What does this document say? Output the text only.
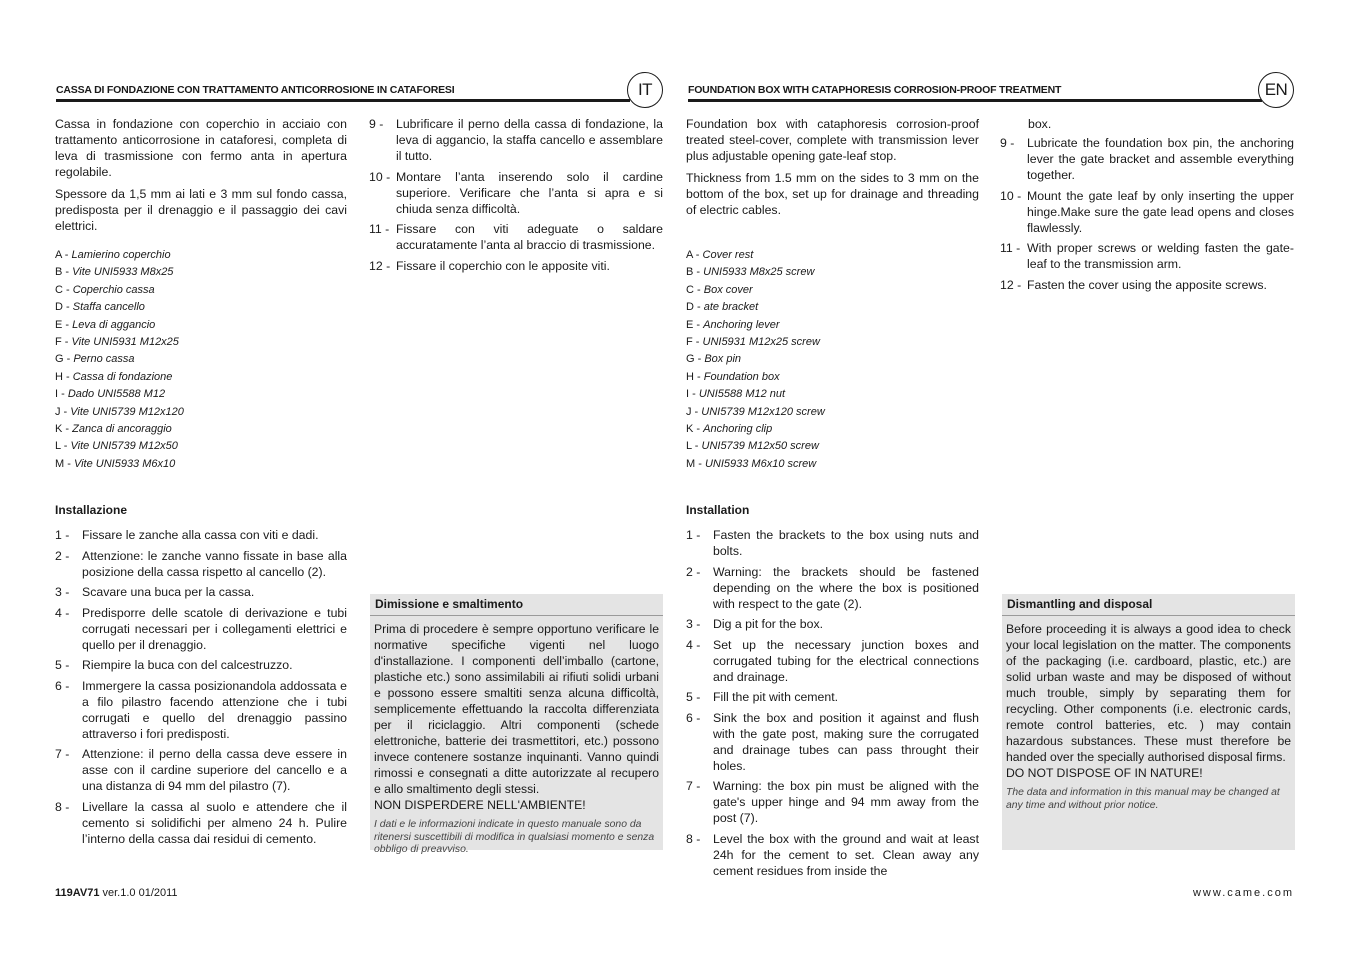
CASSA DI FONDAZIONE CON TRATTAMENTO ANTICORROSIONE IN CATAFORESI	IT

Cassa in fondazione con coperchio in acciaio con trattamento anticorrosione in cataforesi, completa di leva di trasmissione con fermo anta in apertura regolabile.

Spessore da 1,5 mm ai lati e 3 mm sul fondo cassa, predisposta per il drenaggio e il passaggio dei cavi elettrici.

A - Lamierino coperchio
B - Vite UNI5933 M8x25
C - Coperchio cassa
D - Staffa cancello
E - Leva di aggancio
F - Vite UNI5931 M12x25
G - Perno cassa
H - Cassa di fondazione
I - Dado UNI5588 M12
J - Vite UNI5739 M12x120
K - Zanca di ancoraggio
L - Vite UNI5739 M12x50
M - Vite UNI5933 M6x10
Installazione
1 -	Fissare le zanche alla cassa con viti e dadi.
2 -	Attenzione: le zanche vanno fissate in base alla posizione della cassa rispetto al cancello (2).
3 -	Scavare una buca per la cassa.
4 -	Predisporre delle scatole di derivazione e tubi corrugati necessari per i collegamenti elettrici e quello per il drenaggio.
5 -	Riempire la buca con del calcestruzzo.
6 -	Immergere la cassa posizionandola addossata e a filo pilastro facendo attenzione che i tubi corrugati e quello del drenaggio passino attraverso i fori predisposti.
7 -	Attenzione: il perno della cassa deve essere in asse con il cardine superiore del cancello e a una distanza di 94 mm del pilastro (7).
8 -	Livellare la cassa al suolo e attendere che il cemento si solidifichi per almeno 24 h. Pulire l’interno della cassa dai residui di cemento.
9 -	Lubrificare il perno della cassa di fondazione, la leva di aggancio, la staffa cancello e assemblare il tutto.
10 - Montare l’anta inserendo solo il cardine superiore. Verificare che l’anta si apra e si chiuda senza difficoltà.
11 - Fissare con viti adeguate o saldare accuratamente l’anta al braccio di trasmissione.
12 - Fissare il coperchio con le apposite viti.
Dimissione e smaltimento
Prima di procedere è sempre opportuno verificare le normative specifiche vigenti nel luogo d'installazione. I componenti dell’imballo (cartone, plastiche etc.) sono assimilabili ai rifiuti solidi urbani e possono essere smaltiti senza alcuna difficoltà, semplicemente effettuando la raccolta differenziata per il riciclaggio. Altri componenti (schede elettroniche, batterie dei trasmettitori, etc.) possono invece contenere sostanze inquinanti. Vanno quindi rimossi e consegnati a ditte autorizzate al recupero e allo smaltimento degli stessi.
NON DISPERDERE NELL'AMBIENTE!
I dati e le informazioni indicate in questo manuale sono da ritenersi suscettibili di modifica in qualsiasi momento e senza obbligo di preavviso.
FOUNDATION BOX WITH CATAPHORESIS CORROSION-PROOF TREATMENT	EN

Foundation box with cataphoresis corrosion-proof treated steel-cover, complete with transmission lever plus adjustable opening gate-leaf stop.

Thickness from 1.5 mm on the sides to 3 mm on the bottom of the box, set up for drainage and threading of electric cables.

A - Cover rest
B - UNI5933 M8x25 screw
C - Box cover
D - ate bracket
E - Anchoring lever
F - UNI5931 M12x25 screw
G - Box pin
H - Foundation box
I - UNI5588 M12 nut
J - UNI5739 M12x120 screw
K - Anchoring clip
L - UNI5739 M12x50 screw
M - UNI5933 M6x10 screw
Installation
1 -	Fasten the brackets to the box using nuts and bolts.
2 -	Warning: the brackets should be fastened depending on the where the box is positioned with respect to the gate (2).
3 -	Dig a pit for the box.
4 -	Set up the necessary junction boxes and corrugated tubing for the electrical connections and drainage.
5 -	Fill the pit with cement.
6 -	Sink the box and position it against and flush with the gate post, making sure the corrugated and drainage tubes can pass throught their holes.
7 -	Warning: the box pin must be aligned with the gate's upper hinge and 94 mm away from the post (7).
8 -	Level the box with the ground and wait at least 24h for the cement to set. Clean away any cement residues from inside the
box.
9 -	Lubricate the foundation box pin, the anchoring lever the gate bracket and assemble everything together.
10 - Mount the gate leaf by only inserting the upper hinge.Make sure the gate lead opens and closes flawlessly.
11 - With proper screws or welding fasten the gate-leaf to the transmission arm.
12 - Fasten the cover using the apposite screws.
Dismantling and disposal
Before proceeding it is always a good idea to check your local legislation on the matter. The components of the packaging (i.e. cardboard, plastic, etc.) are solid urban waste and may be disposed of without much trouble, simply by separating them for recycling. Other components (i.e. electronic cards, remote control batteries, etc. ) may contain hazardous substances. These must therefore be handed over the specially authorised disposal firms.
DO NOT DISPOSE OF IN NATURE!
The data and information in this manual may be changed at any time and without prior notice.
119AV71 ver.1.0 01/2011	www.came.com
